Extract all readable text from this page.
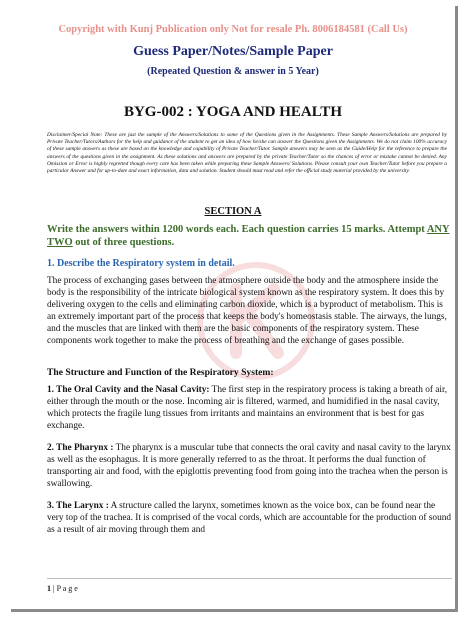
Copyright with Kunj Publication only Not for resale Ph. 8006184581 (Call Us)
Guess Paper/Notes/Sample Paper
(Repeated Question & answer in 5 Year)
BYG-002 : YOGA AND HEALTH
Disclaimer/Special Note: These are just the sample of the Answers/Solutions to some of the Questions given in the Assignments. These Sample Answers/Solutions are prepared by Private Teacher/Tutors/Authors for the help and guidance of the student to get an idea of how he/she can answer the Questions given the Assignments. We do not claim 100% accuracy of these sample answers as these are based on the knowledge and capability of Private Teacher/Tutor. Sample answers may be seen as the Guide/Help for the reference to prepare the answers of the questions given in the assignment. As these solutions and answers are prepared by the private Teacher/Tutor so the chances of error or mistake cannot be denied. Any Omission or Error is highly regretted though every care has been taken while preparing these Sample Answers/ Solutions. Please consult your own Teacher/Tutor before you prepare a particular Answer and for up-to-date and exact information, data and solution. Student should must read and refer the official study material provided by the university.
SECTION A
Write the answers within 1200 words each. Each question carries 15 marks. Attempt ANY TWO out of three questions.
1. Describe the Respiratory system in detail.
The process of exchanging gases between the atmosphere outside the body and the atmosphere inside the body is the responsibility of the intricate biological system known as the respiratory system. It does this by delivering oxygen to the cells and eliminating carbon dioxide, which is a byproduct of metabolism. This is an extremely important part of the process that keeps the body's homeostasis stable. The airways, the lungs, and the muscles that are linked with them are the basic components of the respiratory system. These components work together to make the process of breathing and the exchange of gases possible.
The Structure and Function of the Respiratory System:
1. The Oral Cavity and the Nasal Cavity: The first step in the respiratory process is taking a breath of air, either through the mouth or the nose. Incoming air is filtered, warmed, and humidified in the nasal cavity, which protects the fragile lung tissues from irritants and maintains an environment that is best for gas exchange.
2. The Pharynx : The pharynx is a muscular tube that connects the oral cavity and nasal cavity to the larynx as well as the esophagus. It is more generally referred to as the throat. It performs the dual function of transporting air and food, with the epiglottis preventing food from going into the trachea when the person is swallowing.
3. The Larynx : A structure called the larynx, sometimes known as the voice box, can be found near the very top of the trachea. It is comprised of the vocal cords, which are accountable for the production of sound as a result of air moving through them and
1 | P a g e
